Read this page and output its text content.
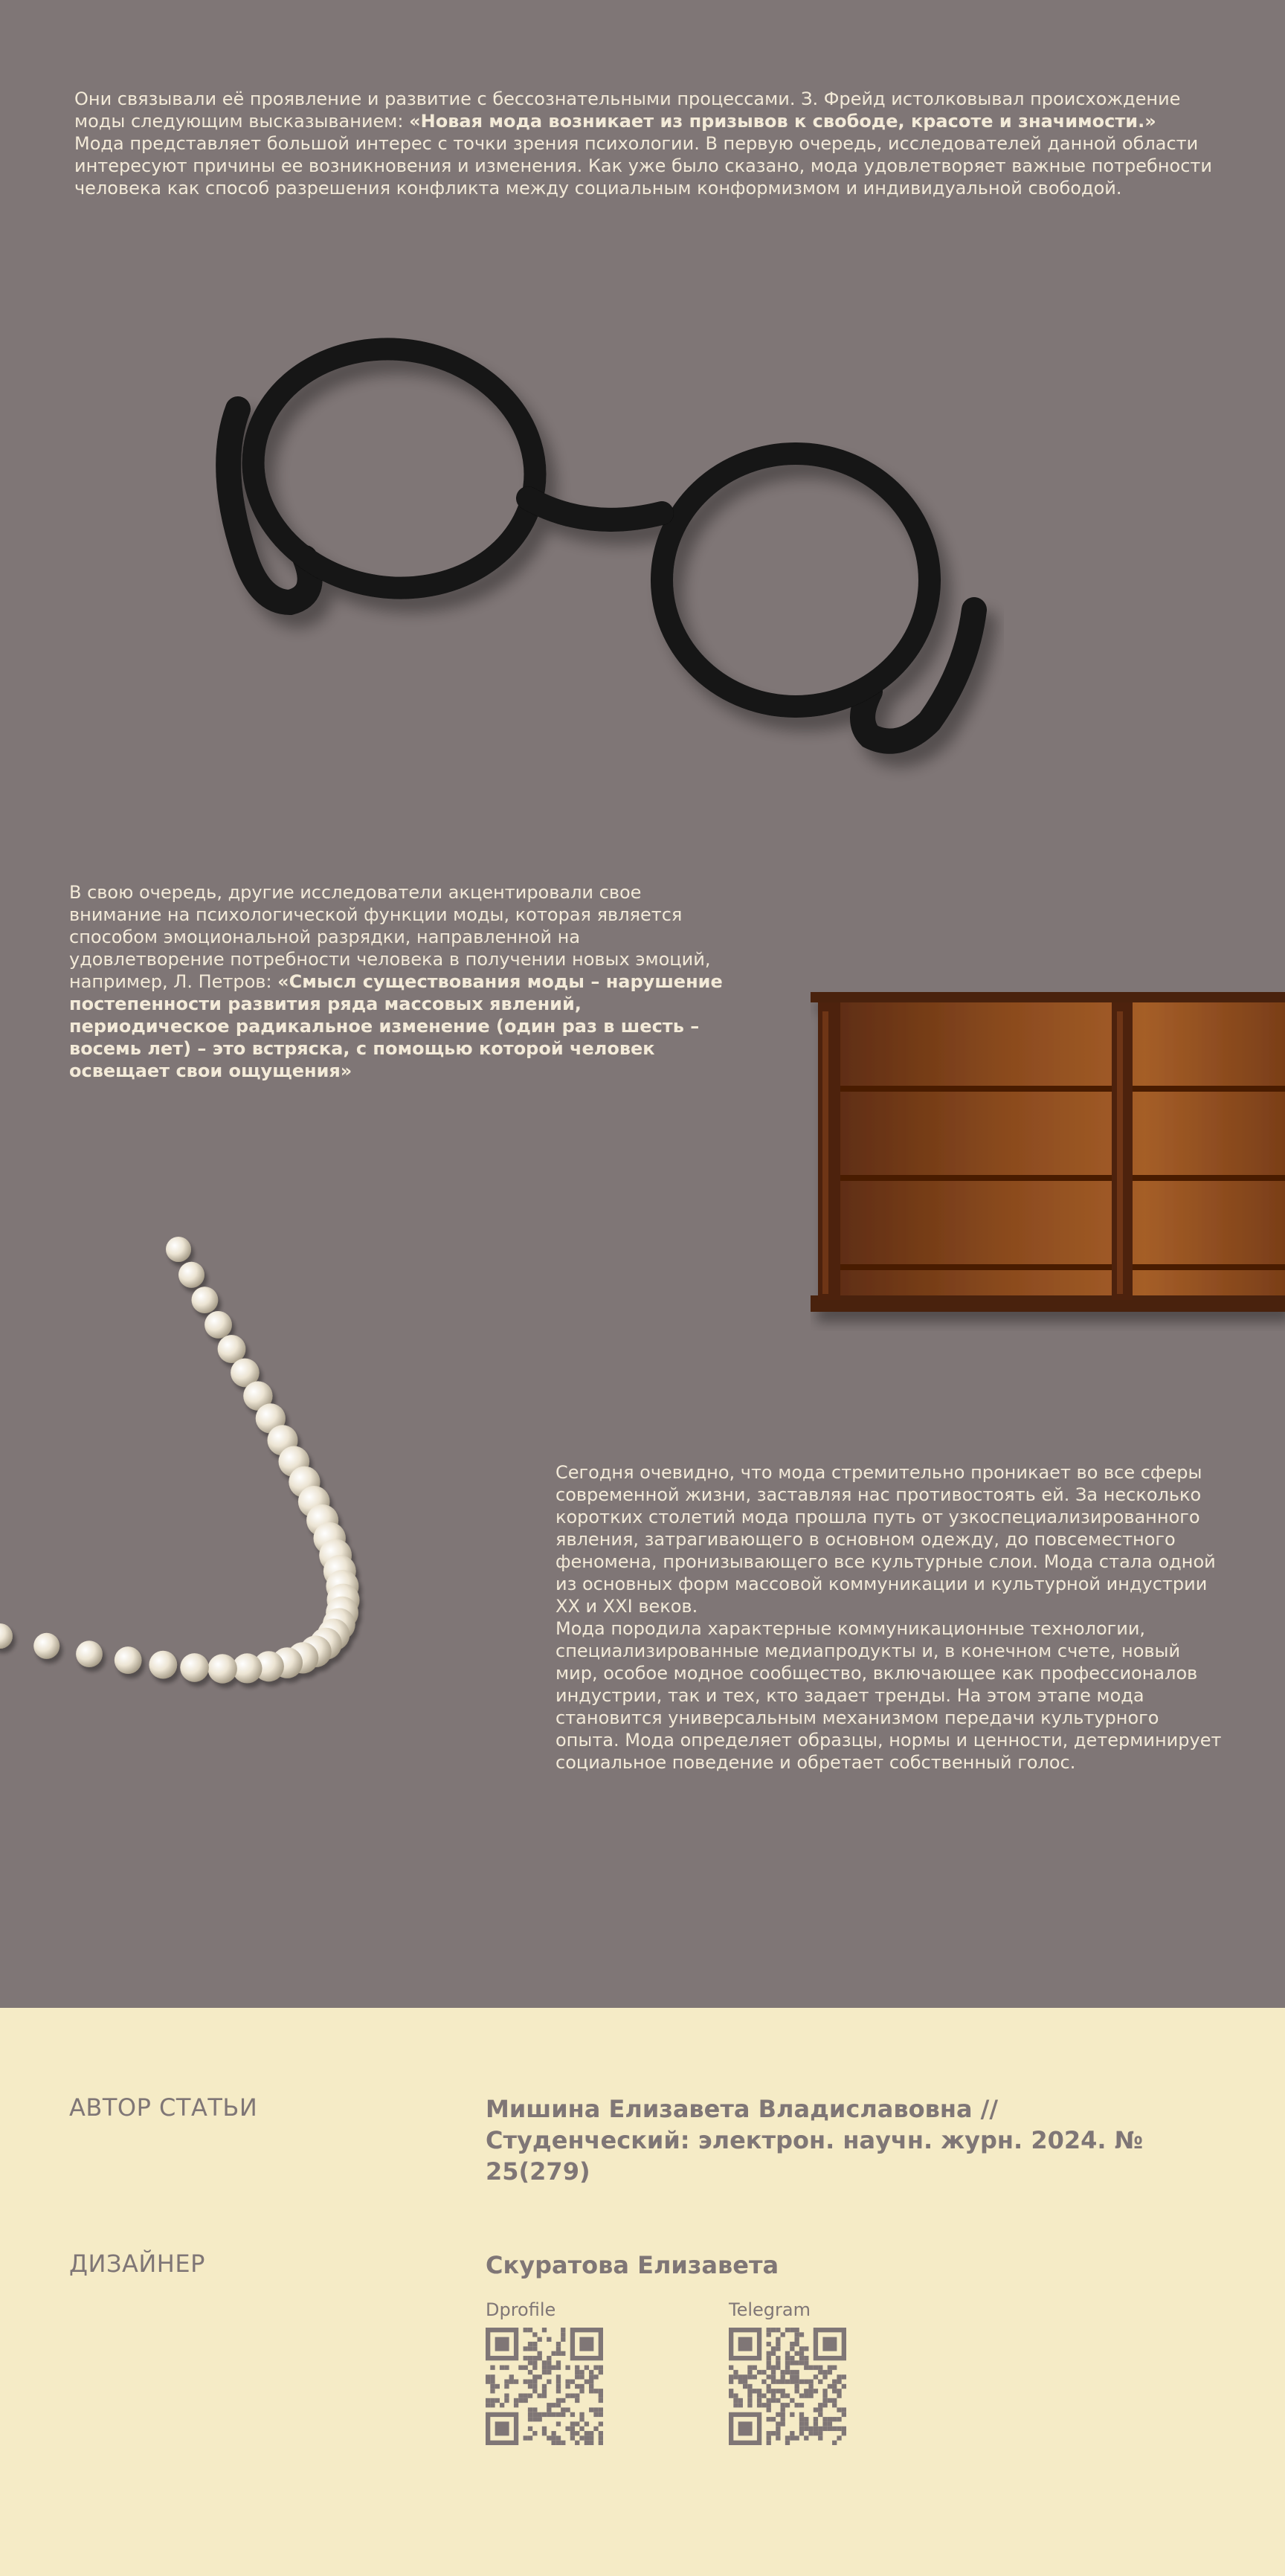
Они связывали её проявление и развитие с бессознательными процессами. З. Фрейд истолковывал происхождение моды следующим высказыванием: «Новая мода возникает из призывов к свободе, красоте и значимости.»
Мода представляет большой интерес с точки зрения психологии. В первую очередь, исследователей данной области интересуют причины ее возникновения и изменения. Как уже было сказано, мода удовлетворяет важные потребности человека как способ разрешения конфликта между социальным конформизмом и индивидуальной свободой.
В свою очередь, другие исследователи акцентировали свое внимание на психологической функции моды, которая является способом эмоциональной разрядки, направленной на удовлетворение потребности человека в получении новых эмоций, например, Л. Петров: «Смысл существования моды – нарушение постепенности развития ряда массовых явлений, периодическое радикальное изменение (один раз в шесть – восемь лет) – это встряска, с помощью которой человек освещает свои ощущения»
Сегодня очевидно, что мода стремительно проникает во все сферы современной жизни, заставляя нас противостоять ей. За несколько коротких столетий мода прошла путь от узкоспециализированного явления, затрагивающего в основном одежду, до повсеместного феномена, пронизывающего все культурные слои. Мода стала одной из основных форм массовой коммуникации и культурной индустрии XX и XXI веков.
Мода породила характерные коммуникационные технологии, специализированные медиапродукты и, в конечном счете, новый мир, особое модное сообщество, включающее как профессионалов индустрии, так и тех, кто задает тренды. На этом этапе мода становится универсальным механизмом передачи культурного опыта. Мода определяет образцы, нормы и ценности, детерминирует социальное поведение и обретает собственный голос.
АВТОР СТАТЬИ	Мишина Елизавета Владиславовна // Студенческий: электрон. научн. журн. 2024. № 25(279)
ДИЗАЙНЕР	Скуратова Елизавета
Dprofile	Telegram
